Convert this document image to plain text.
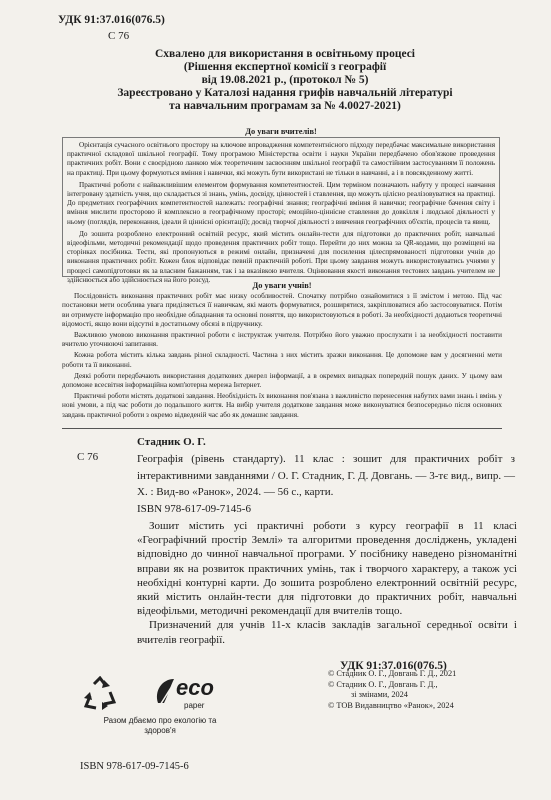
УДК 91:37.016(076.5)
С 76
Схвалено для використання в освітньому процесі
(Рішення експертної комісії з географії
від 19.08.2021 р., (протокол № 5)
Зареєстровано у Каталозі надання грифів навчальній літературі
та навчальним програмам за № 4.0027-2021)
До уваги вчителів!

Орієнтація сучасного освітнього простору на ключове впровадження компетентнісного підходу передбачає максимальне використання практичної складової шкільної географії. Тому програмою Міністерства освіти і науки України передбачено обов'язкове проведення практичних робіт. Вони є своєрідною ланкою між теоретичним засвоєнням шкільної географії та самостійним застосуванням її положень на практиці. При цьому формуються вміння і навички, які можуть бути використані не тільки в навчанні, а і в повсякденному житті.

Практичні роботи є найважливішим елементом формування компетентностей. Цим терміном позначають набуту у процесі навчання інтегровану здатність учня, що складається зі знань, умінь, досвіду, цінностей і ставлення, що можуть цілісно реалізовуватися на практиці. До предметних географічних компетентностей належать: географічні знання; географічні вміння й навички; географічне бачення світу і вміння мислити просторово й комплексно в географічному просторі; емоційно-ціннісне ставлення до довкілля і людської діяльності у ньому (поглядів, переконання, ідеали й ціннісні орієнтації); досвід творчої діяльності з вивчення географічних об'єктів, процесів та явищ.

До зошита розроблено електронний освітній ресурс, який містить онлайн-тести для підготовки до практичних робіт, навчальні відеофільми, методичні рекомендації щодо проведення практичних робіт тощо. Перейти до них можна за QR-кодами, що розміщені на сторінках посібника. Тести, які пропонуються в режимі онлайн, призначені для посилення цілеспрямованості підготовки учнів до виконання практичних робіт. Кожен блок відповідає певній практичній роботі. При цьому завдання можуть використовуватись учнями у процесі самопідготовки як за власним бажанням, так і за вказівкою вчителя. Оцінювання якості виконання тестових завдань учителем не здійснюється або здійснюється на його розсуд.

До уваги учнів!

Послідовність виконання практичних робіт має низку особливостей. Спочатку потрібно ознайомитися з її змістом і метою. Під час постановки мети особлива увага приділяється її навичкам, які мають формуватися, розширятися, закріплюватися або застосовуватися. Потім ви отримуєте інформацію про необхідне обладнання та основні поняття, що використовуються в роботі. За необхідності додаються теоретичні відомості, якщо вони відсутні в достатньому обсязі в підручнику.

Важливою умовою виконання практичної роботи є інструктаж учителя. Потрібно його уважно прослухати і за необхідності поставити вчителю уточнюючі запитання.

Кожна робота містить кілька завдань різної складності. Частина з них містить зразки виконання. Це допоможе вам у досягненні мети роботи та її виконанні.

Деякі роботи передбачають використання додаткових джерел інформації, а в окремих випадках попередній пошук даних. У цьому вам допоможе всесвітня інформаційна комп'ютерна мережа Інтернет.

Практичні роботи містять додаткові завдання. Необхідність їх виконання пов'язана з важливістю перенесення набутих вами знань і вмінь у нові умови, а під час роботи до подальшого життя. На вибір учителя додаткове завдання може виконуватися безпосередньо після основних завдань практичної роботи з окремо відведеній час або як домашнє завдання.

Стадник О. Г.
С 76	Географія (рівень стандарту). 11 клас : зошит для практичних робіт з інтерактивними завданнями / О. Г. Стадник, Г. Д. Довгань. — 3-тє вид., випр. — Х. : Вид-во «Ранок», 2024. — 56 с., карти.
ISBN 978-617-09-7145-6

Зошит містить усі практичні роботи з курсу географії в 11 класі «Географічний простір Землі» та алгоритми проведення досліджень, укладені відповідно до чинної навчальної програми. У посібнику наведено різноманітні вправи як на розвиток практичних умінь, так і творчого характеру, а також усі необхідні контурні карти. До зошита розроблено електронний освітній ресурс, який містить онлайн-тести для підготовки до практичних робіт, навчальні відеофільми, методичні рекомендації для вчителів тощо.

Призначений для учнів 11-х класів закладів загальної середньої освіти і вчителів географії.

УДК 91:37.016(076.5)
eco
paper
Разом дбаємо про екологію та здоров'я
ISBN 978-617-09-7145-6
© Стадник О. Г., Довгань Г. Д., 2021
© Стадник О. Г., Довгань Г. Д.,
зі змінами, 2024
© ТОВ Видавництво «Ранок», 2024
